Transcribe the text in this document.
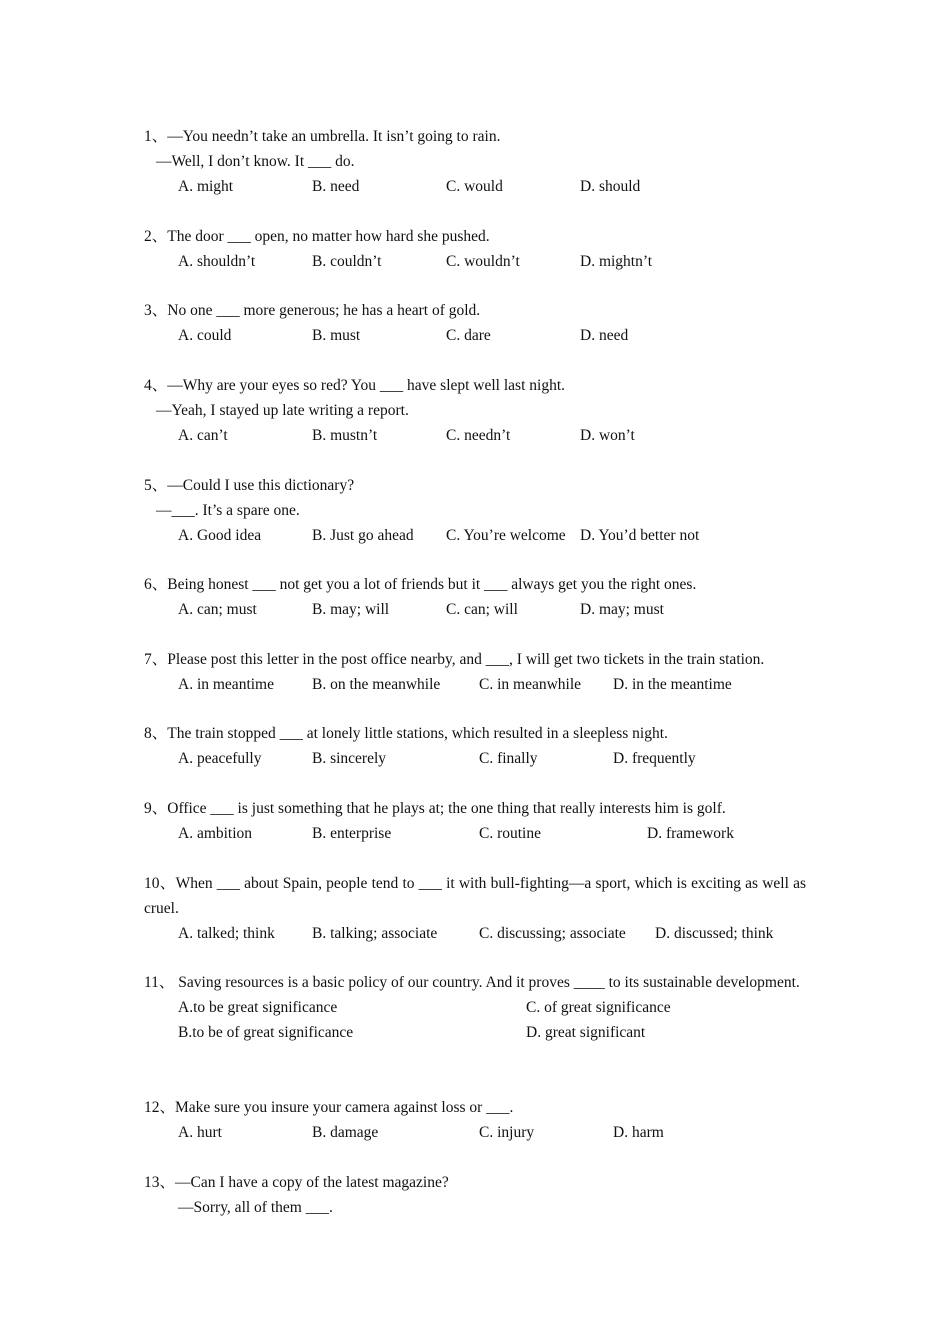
1、—You needn’t take an umbrella. It isn’t going to rain.
—Well, I don’t know. It ___ do.
A. might	B. need	C. would	D. should
2、The door ___ open, no matter how hard she pushed.
A. shouldn’t	B. couldn’t	C. wouldn’t	D. mightn’t
3、No one ___ more generous; he has a heart of gold.
A. could	B. must	C. dare	D. need
4、—Why are your eyes so red? You ___ have slept well last night.
—Yeah, I stayed up late writing a report.
A. can’t	B. mustn’t	C. needn’t	D. won’t
5、—Could I use this dictionary?
—___. It’s a spare one.
A. Good idea	B. Just go ahead C. You’re welcome D. You’d better not
6、Being honest ___ not get you a lot of friends but it ___ always get you the right ones.
A. can; must	B. may; will	C. can; will	D. may; must
7、Please post this letter in the post office nearby, and ___, I will get two tickets in the train station.
A. in meantime B. on the meanwhile C. in meanwhile D. in the meantime
8、The train stopped ___ at lonely little stations, which resulted in a sleepless night.
A. peacefully	B. sincerely	C. finally	D. frequently
9、Office ___ is just something that he plays at; the one thing that really interests him is golf.
A. ambition	B. enterprise	C. routine	D. framework
10、When ___ about Spain, people tend to ___ it with bull-fighting—a sport, which is exciting as well as cruel.
A. talked; think B. talking; associate	C. discussing; associate D. discussed; think
11、 Saving resources is a basic policy of our country. And it proves ____ to its sustainable development.
A.to be great significance	C. of great significance
B.to be of great significance	D. great significant
12、Make sure you insure your camera against loss or ___.
A. hurt	B. damage	C. injury	D. harm
13、—Can I have a copy of the latest magazine?
—Sorry, all of them ___.
